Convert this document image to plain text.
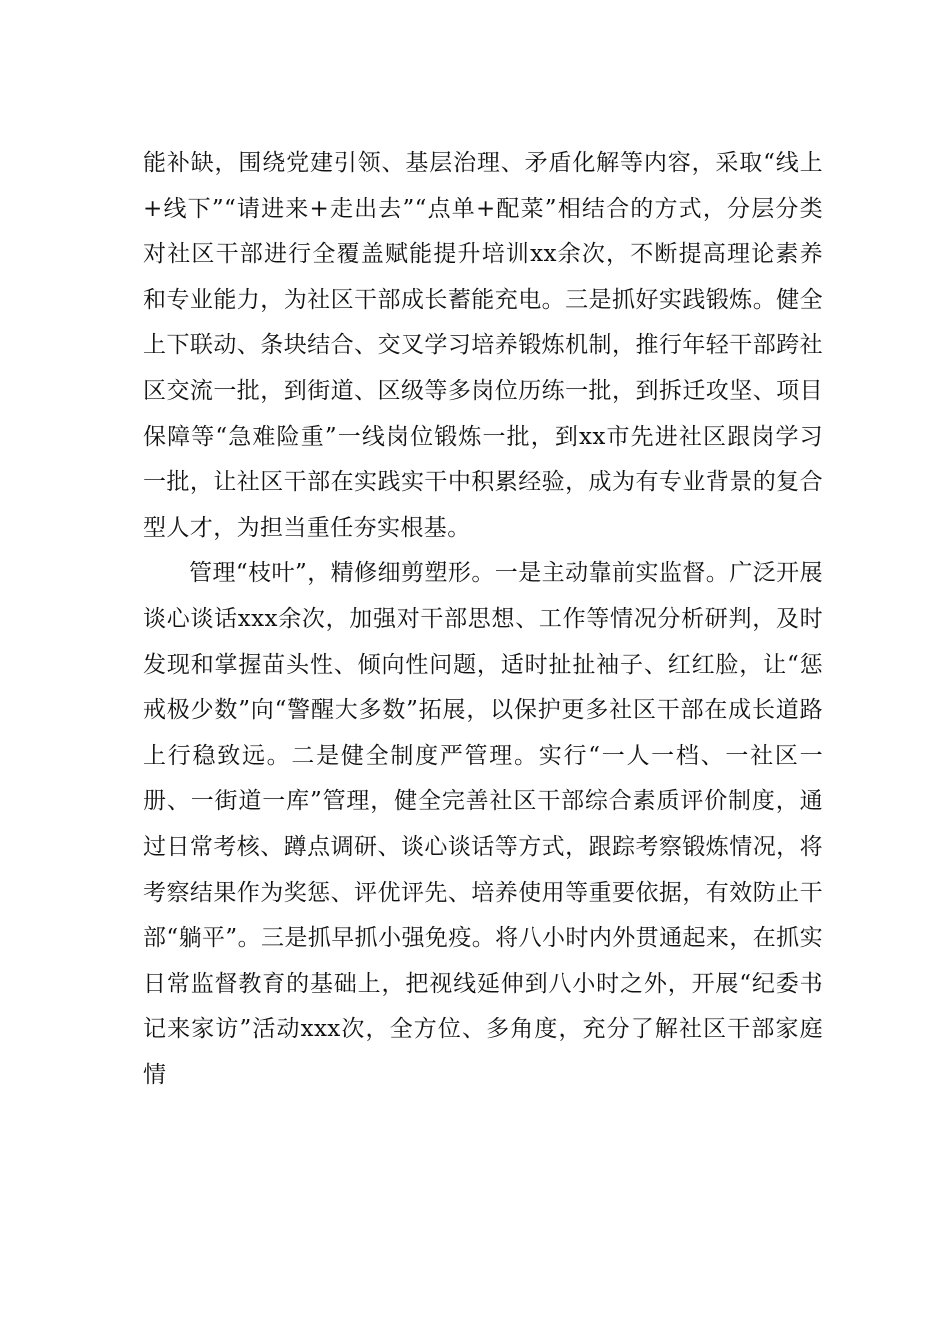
能补缺，围绕党建引领、基层治理、矛盾化解等内容，采取“线上+线下”“请进来+走出去”“点单+配菜”相结合的方式，分层分类对社区干部进行全覆盖赋能提升培训xx余次，不断提高理论素养和专业能力，为社区干部成长蓄能充电。三是抓好实践锻炼。健全上下联动、条块结合、交叉学习培养锻炼机制，推行年轻干部跨社区交流一批，到街道、区级等多岗位历练一批，到拆迁攻坚、项目保障等“急难险重”一线岗位锻炼一批，到xx市先进社区跟岗学习一批，让社区干部在实践实干中积累经验，成为有专业背景的复合型人才，为担当重任夯实根基。

管理“枝叶”，精修细剪塑形。一是主动靠前实监督。广泛开展谈心谈话xxx余次，加强对干部思想、工作等情况分析研判，及时发现和掌握苗头性、倾向性问题，适时扯扯袖子、红红脸，让“惩戒极少数”向“警醒大多数”拓展，以保护更多社区干部在成长道路上行稳致远。二是健全制度严管理。实行“一人一档、一社区一册、一街道一库”管理，健全完善社区干部综合素质评价制度，通过日常考核、蹲点调研、谈心谈话等方式，跟踪考察锻炼情况，将考察结果作为奖惩、评优评先、培养使用等重要依据，有效防止干部“躺平”。三是抓早抓小强免疫。将八小时内外贯通起来，在抓实日常监督教育的基础上，把视线延伸到八小时之外，开展“纪委书记来家访”活动xxx次，全方位、多角度，充分了解社区干部家庭情
